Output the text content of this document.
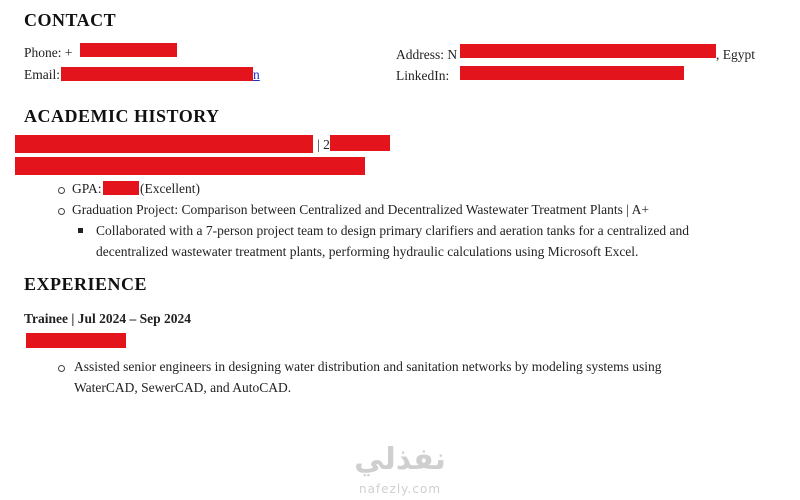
CONTACT
Phone: +
Email:	n
Address: N	, Egypt
LinkedIn:
ACADEMIC HISTORY
| 2
GPA:	(Excellent)
Graduation Project: Comparison between Centralized and Decentralized Wastewater Treatment Plants | A+
Collaborated with a 7-person project team to design primary clarifiers and aeration tanks for a centralized and
decentralized wastewater treatment plants, performing hydraulic calculations using Microsoft Excel.
EXPERIENCE
Trainee | Jul 2024 – Sep 2024
Assisted senior engineers in designing water distribution and sanitation networks by modeling systems using
WaterCAD, SewerCAD, and AutoCAD.
نفذلي
nafezly.com
